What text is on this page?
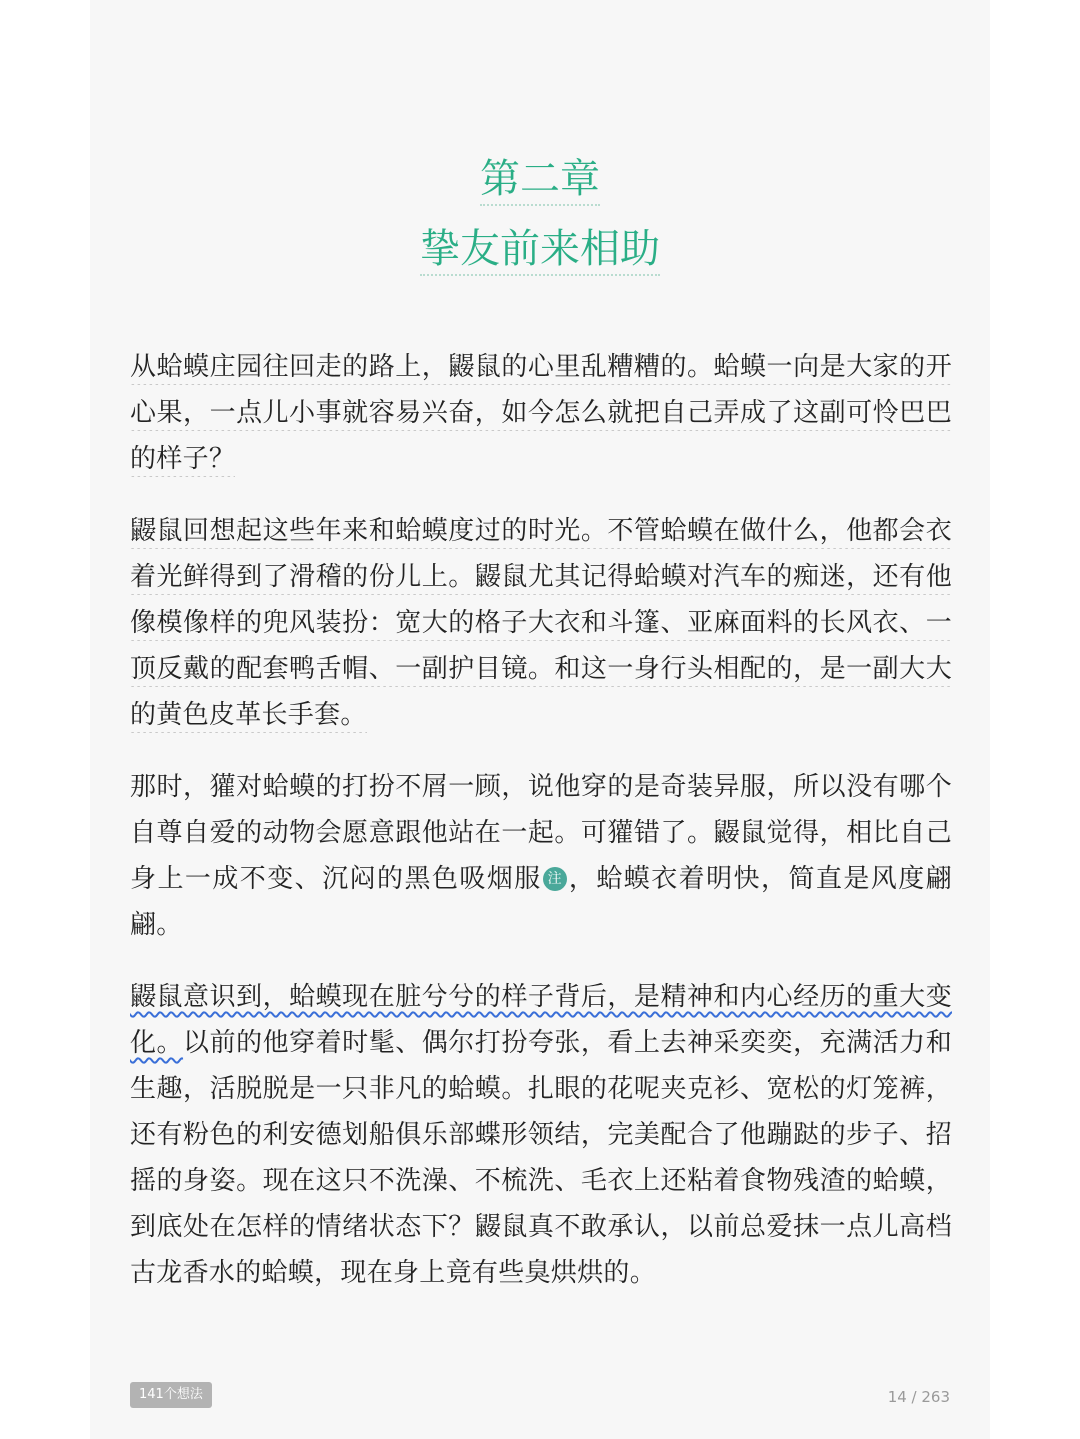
第二章
挚友前来相助

从蛤蟆庄园往回走的路上，鼹鼠的心里乱糟糟的。蛤蟆一向是大家的开心果，一点儿小事就容易兴奋，如今怎么就把自己弄成了这副可怜巴巴的样子？

鼹鼠回想起这些年来和蛤蟆度过的时光。不管蛤蟆在做什么，他都会衣着光鲜得到了滑稽的份儿上。鼹鼠尤其记得蛤蟆对汽车的痴迷，还有他像模像样的兜风装扮：宽大的格子大衣和斗篷、亚麻面料的长风衣、一顶反戴的配套鸭舌帽、一副护目镜。和这一身行头相配的，是一副大大的黄色皮革长手套。

那时，獾对蛤蟆的打扮不屑一顾，说他穿的是奇装异服，所以没有哪个自尊自爱的动物会愿意跟他站在一起。可獾错了。鼹鼠觉得，相比自己身上一成不变、沉闷的黑色吸烟服 注 ，蛤蟆衣着明快，简直是风度翩翩。

鼹鼠意识到，蛤蟆现在脏兮兮的样子背后，是精神和内心经历的重大变化。以前的他穿着时髦、偶尔打扮夸张，看上去神采奕奕，充满活力和生趣，活脱脱是一只非凡的蛤蟆。扎眼的花呢夹克衫、宽松的灯笼裤，还有粉色的利安德划船俱乐部蝶形领结，完美配合了他蹦跶的步子、招摇的身姿。现在这只不洗澡、不梳洗、毛衣上还粘着食物残渣的蛤蟆，到底处在怎样的情绪状态下？鼹鼠真不敢承认，以前总爱抹一点儿高档古龙香水的蛤蟆，现在身上竟有些臭烘烘的。

141个想法	14 / 263
